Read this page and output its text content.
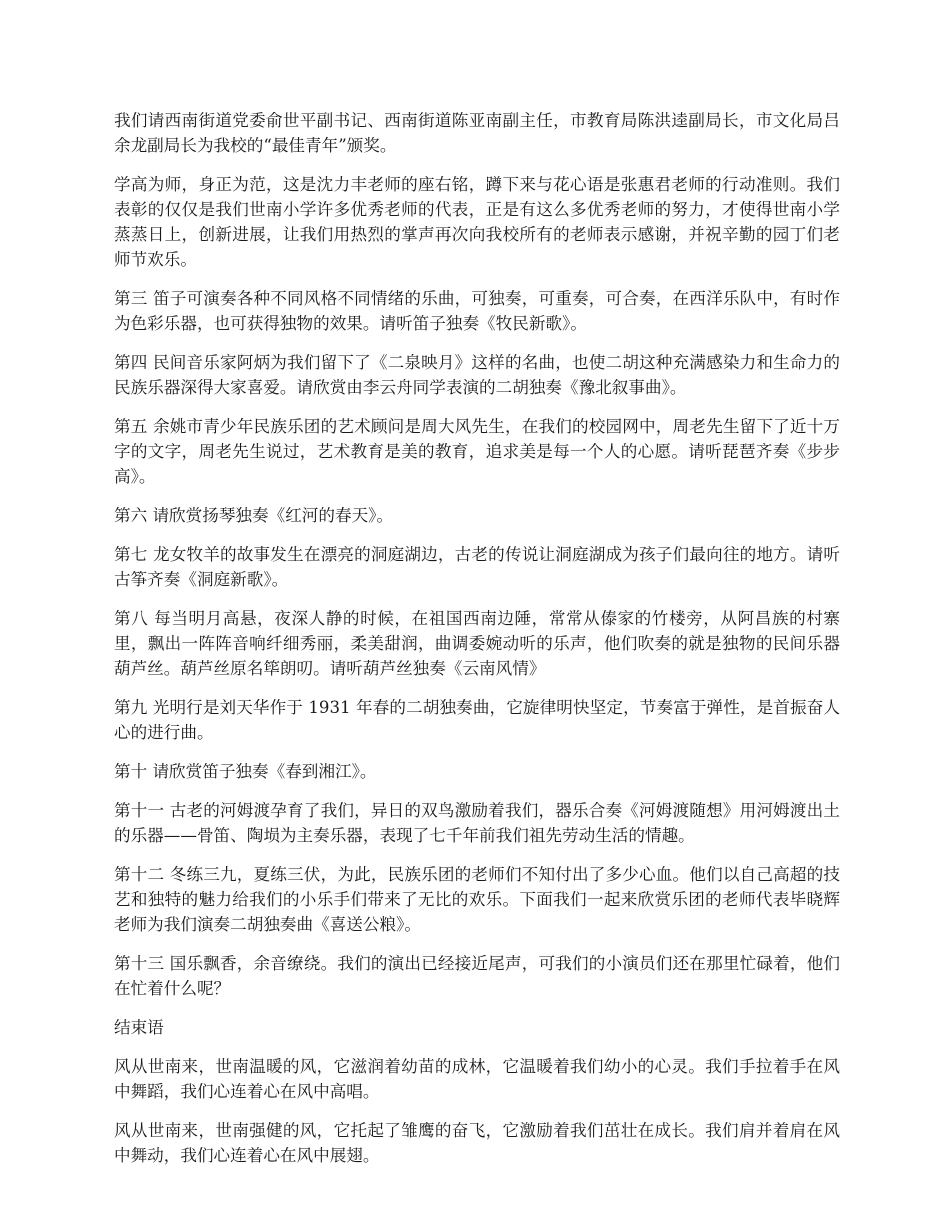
我们请西南街道党委俞世平副书记、西南街道陈亚南副主任，市教育局陈洪逵副局长，市文化局吕余龙副局长为我校的“最佳青年”颁奖。

学高为师，身正为范，这是沈力丰老师的座右铭，蹲下来与花心语是张惠君老师的行动准则。我们表彰的仅仅是我们世南小学许多优秀老师的代表，正是有这么多优秀老师的努力，才使得世南小学蒸蒸日上，创新进展，让我们用热烈的掌声再次向我校所有的老师表示感谢，并祝辛勤的园丁们老师节欢乐。

第三 笛子可演奏各种不同风格不同情绪的乐曲，可独奏，可重奏，可合奏，在西洋乐队中，有时作为色彩乐器，也可获得独物的效果。请听笛子独奏《牧民新歌》。

第四 民间音乐家阿炳为我们留下了《二泉映月》这样的名曲，也使二胡这种充满感染力和生命力的民族乐器深得大家喜爱。请欣赏由李云舟同学表演的二胡独奏《豫北叙事曲》。

第五 余姚市青少年民族乐团的艺术顾问是周大风先生，在我们的校园网中，周老先生留下了近十万字的文字，周老先生说过，艺术教育是美的教育，追求美是每一个人的心愿。请听琵琶齐奏《步步高》。

第六 请欣赏扬琴独奏《红河的春天》。

第七 龙女牧羊的故事发生在漂亮的洞庭湖边，古老的传说让洞庭湖成为孩子们最向往的地方。请听古筝齐奏《洞庭新歌》。

第八 每当明月高悬，夜深人静的时候，在祖国西南边陲，常常从傣家的竹楼旁，从阿昌族的村寨里，飘出一阵阵音响纤细秀丽，柔美甜润，曲调委婉动听的乐声，他们吹奏的就是独物的民间乐器葫芦丝。葫芦丝原名筚朗叨。请听葫芦丝独奏《云南风情》

第九 光明行是刘天华作于 1931 年春的二胡独奏曲，它旋律明快坚定，节奏富于弹性，是首振奋人心的进行曲。

第十 请欣赏笛子独奏《春到湘江》。

第十一 古老的河姆渡孕育了我们，异日的双鸟激励着我们，器乐合奏《河姆渡随想》用河姆渡出土的乐器——骨笛、陶埙为主奏乐器，表现了七千年前我们祖先劳动生活的情趣。

第十二 冬练三九，夏练三伏，为此，民族乐团的老师们不知付出了多少心血。他们以自己高超的技艺和独特的魅力给我们的小乐手们带来了无比的欢乐。下面我们一起来欣赏乐团的老师代表毕晓辉老师为我们演奏二胡独奏曲《喜送公粮》。

第十三 国乐飘香，余音缭绕。我们的演出已经接近尾声，可我们的小演员们还在那里忙碌着，他们在忙着什么呢？

结束语

风从世南来，世南温暖的风，它滋润着幼苗的成林，它温暖着我们幼小的心灵。我们手拉着手在风中舞蹈，我们心连着心在风中高唱。

风从世南来，世南强健的风，它托起了雏鹰的奋飞，它激励着我们茁壮在成长。我们肩并着肩在风中舞动，我们心连着心在风中展翅。
